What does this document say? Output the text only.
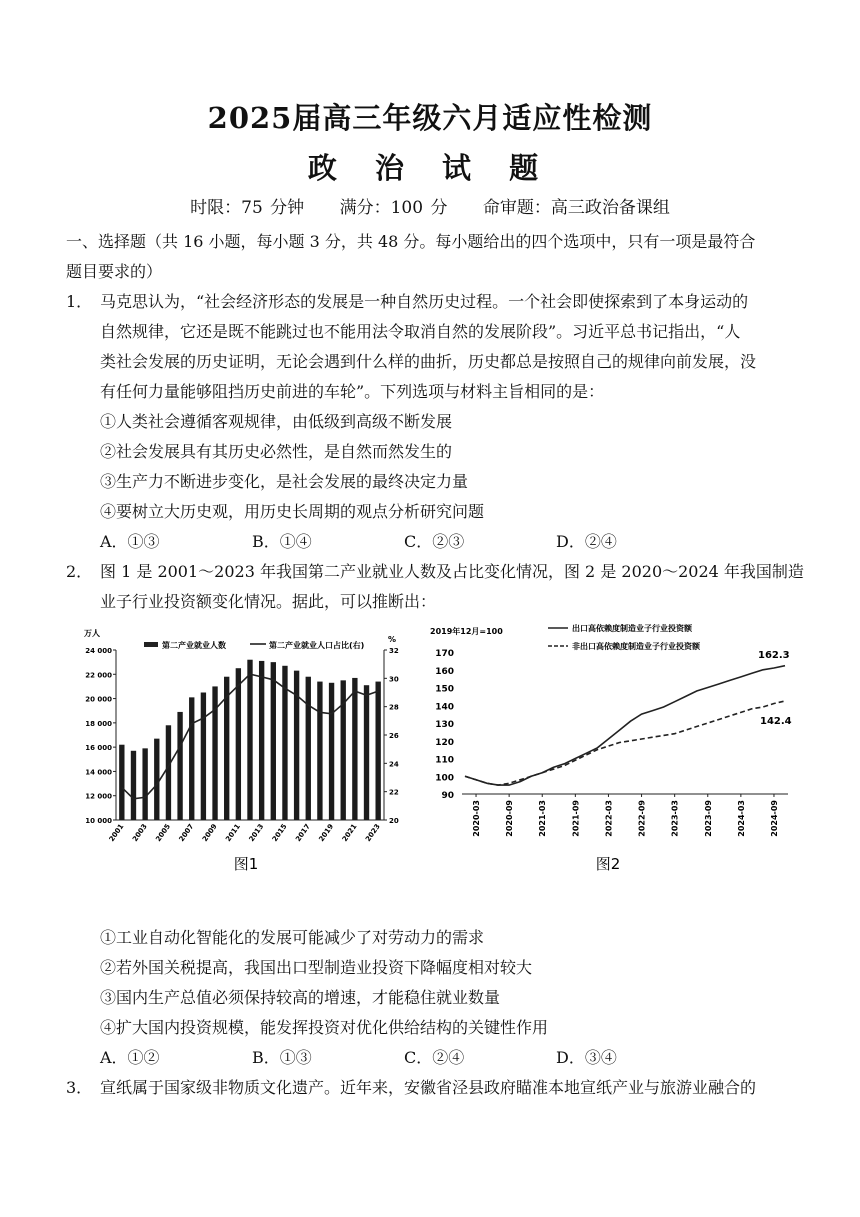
2025届高三年级六月适应性检测
政 治 试 题
时限：75 分钟 满分：100 分 命审题：高三政治备课组
一、选择题（共 16 小题，每小题 3 分，共 48 分。每小题给出的四个选项中，只有一项是最符合
题目要求的）
1． 马克思认为，“社会经济形态的发展是一种自然历史过程。一个社会即使探索到了本身运动的
自然规律，它还是既不能跳过也不能用法令取消自然的发展阶段”。习近平总书记指出，“人
类社会发展的历史证明，无论会遇到什么样的曲折，历史都总是按照自己的规律向前发展，没
有任何力量能够阻挡历史前进的车轮”。下列选项与材料主旨相同的是：
①人类社会遵循客观规律，由低级到高级不断发展
②社会发展具有其历史必然性，是自然而然发生的
③生产力不断进步变化，是社会发展的最终决定力量
④要树立大历史观，用历史长周期的观点分析研究问题
A．①③	B．①④	C．②③	D．②④
2． 图 1 是 2001～2023 年我国第二产业就业人数及占比变化情况，图 2 是 2020～2024 年我国制造
业子行业投资额变化情况。据此，可以推断出：
10 000
12 000
14 000
16 000
18 000
20 000
22 000
24 000
20
22
24
26
28
30
32
2001 2003 2005 2007 2009 2011 2013 2015 2017 2019 2021 2023
第二产业就业人数	第二产业就业人口占比(右)
万人
%
图1
90
100
110
120
130
140
150
160
170
2020-03	2020-09	2021-03	2021-09	2022-03	2022-09	2023-03	2023-09	2024-03	2024-09
2019年12月=100	出口高依赖度制造业子行业投资额
非出口高依赖度制造业子行业投资额
162.3
142.4
图2
①工业自动化智能化的发展可能减少了对劳动力的需求
②若外国关税提高，我国出口型制造业投资下降幅度相对较大
③国内生产总值必须保持较高的增速，才能稳住就业数量
④扩大国内投资规模，能发挥投资对优化供给结构的关键性作用
A．①②	B．①③	C．②④	D．③④
3． 宣纸属于国家级非物质文化遗产。近年来，安徽省泾县政府瞄准本地宣纸产业与旅游业融合的
